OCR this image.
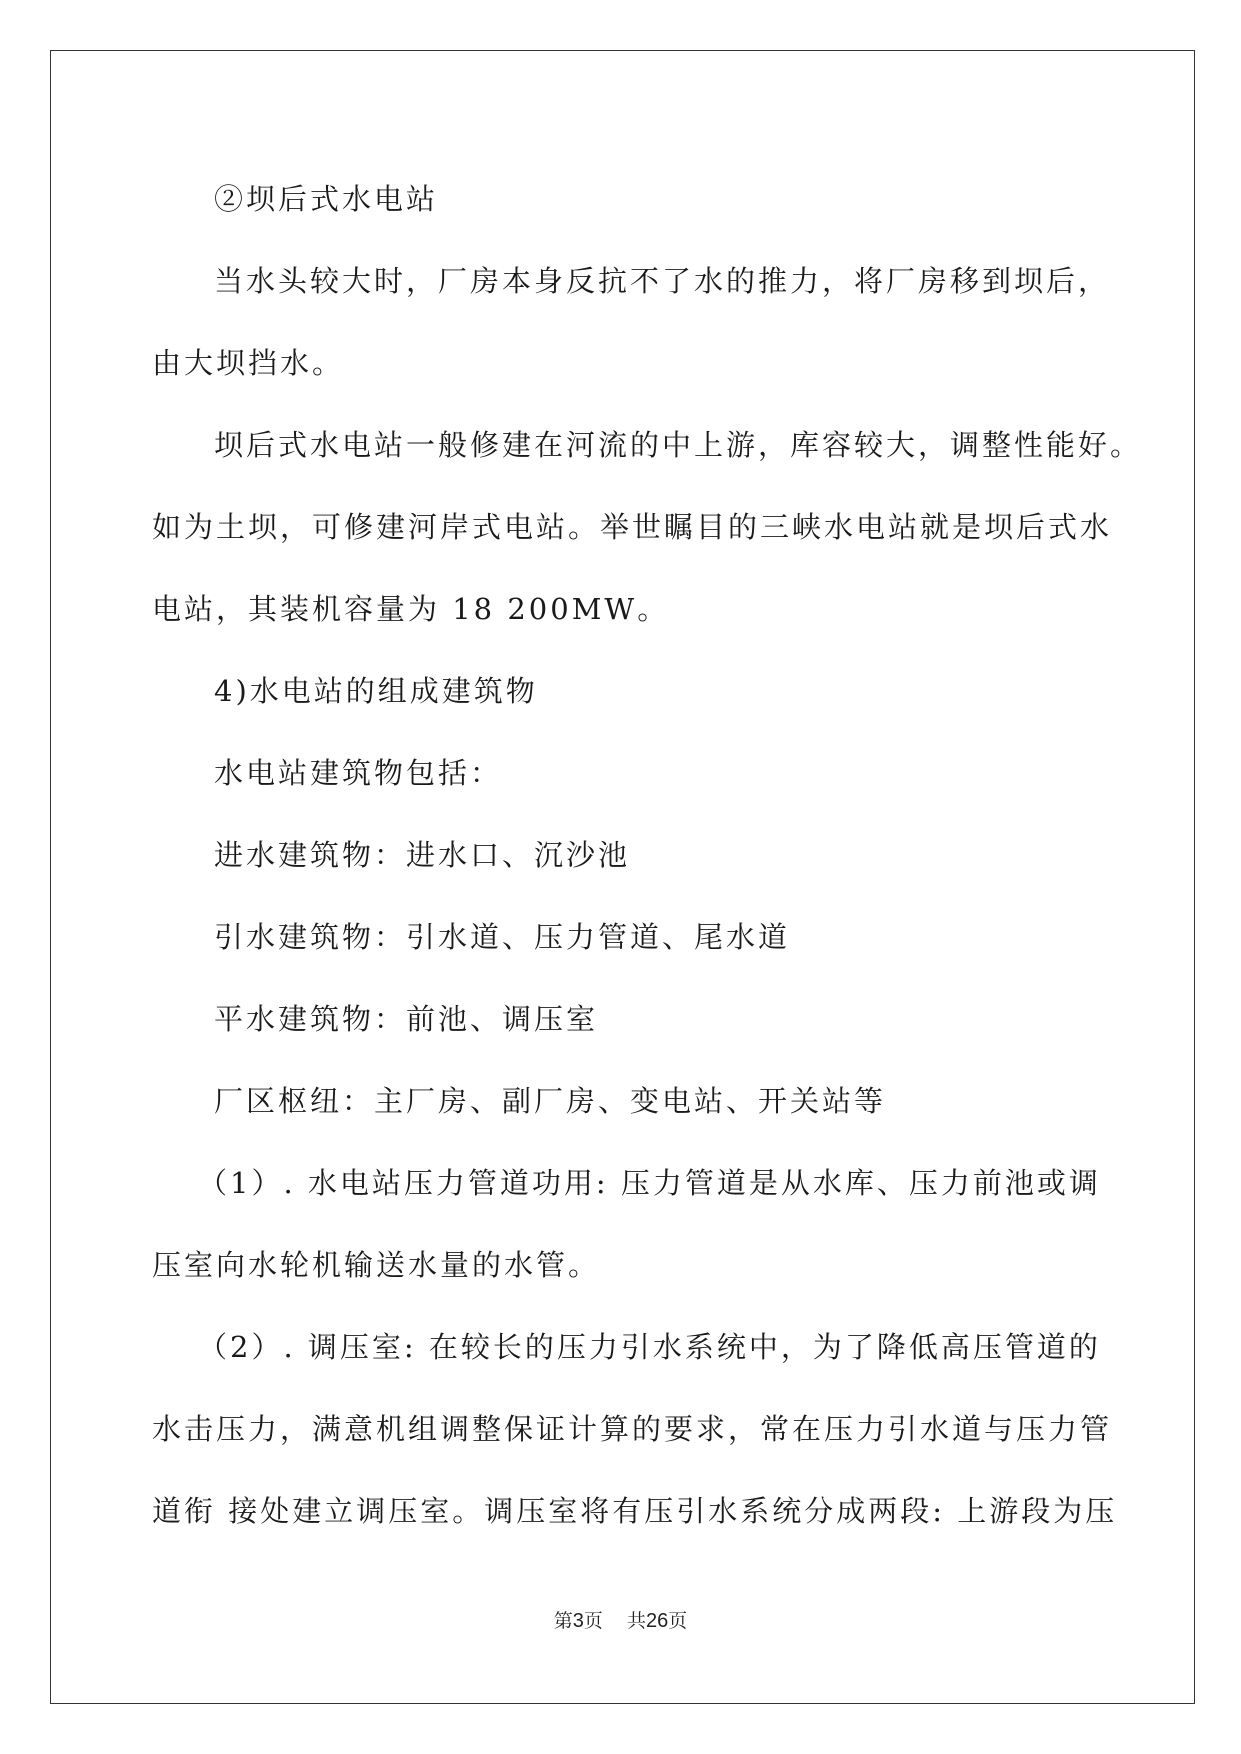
②坝后式水电站
当水头较大时，厂房本身反抗不了水的推力，将厂房移到坝后，
由大坝挡水。
坝后式水电站一般修建在河流的中上游，库容较大，调整性能好。
如为土坝，可修建河岸式电站。举世瞩目的三峡水电站就是坝后式水
电站，其装机容量为 18 200MW。
4)水电站的组成建筑物
水电站建筑物包括：
进水建筑物：进水口、沉沙池
引水建筑物：引水道、压力管道、尾水道
平水建筑物：前池、调压室
厂区枢纽：主厂房、副厂房、变电站、开关站等
（1）. 水电站压力管道功用: 压力管道是从水库、压力前池或调
压室向水轮机输送水量的水管。
（2）. 调压室: 在较长的压力引水系统中，为了降低高压管道的
水击压力，满意机组调整保证计算的要求，常在压力引水道与压力管
道衔 接处建立调压室。调压室将有压引水系统分成两段: 上游段为压
第3页 共26页
